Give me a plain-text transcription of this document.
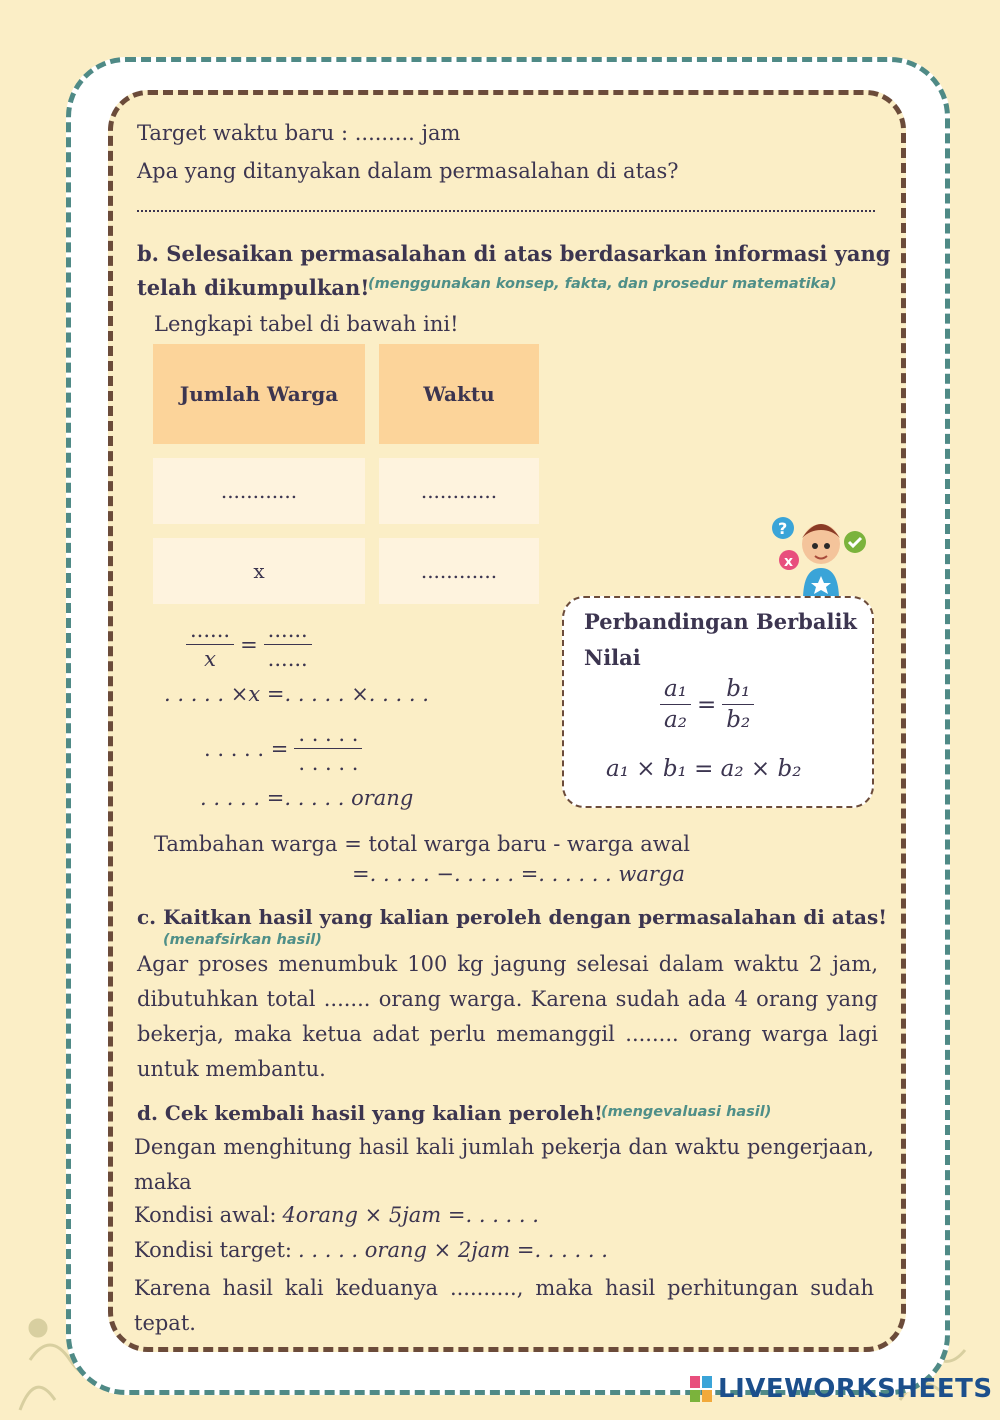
Target waktu baru : ......... jam
Apa yang ditanyakan dalam permasalahan di atas?
b. Selesaikan permasalahan di atas berdasarkan informasi yang
telah dikumpulkan!
(menggunakan konsep, fakta, dan prosedur matematika)
Lengkapi tabel di bawah ini!
Jumlah Warga	Waktu
............	............
x	............
$\frac{......}{x} = \frac{......}{......}$
. . . . . ×x =. . . . . ×. . . . .
. . . . . = $\frac{. . . . .}{. . . . .}$
. . . . . =. . . . . orang
?
x
Perbandingan Berbalik
Nilai
$\frac{\text{a₁}}{\text{a₂}} = \frac{\text{b₁}}{\text{b₂}}$
a₁ × b₁ = a₂ × b₂
Tambahan warga = total warga baru - warga awal
=. . . . . −. . . . . =. . . . . . warga
c. Kaitkan hasil yang kalian peroleh dengan permasalahan di atas!
(menafsirkan hasil)
Agar proses menumbuk 100 kg jagung selesai dalam waktu 2 jam, dibutuhkan total ....... orang warga. Karena sudah ada 4 orang yang bekerja, maka ketua adat perlu memanggil ........ orang warga lagi untuk membantu.
d. Cek kembali hasil yang kalian peroleh!
(mengevaluasi hasil)
Dengan menghitung hasil kali jumlah pekerja dan waktu pengerjaan, maka
Kondisi awal: 4orang × 5jam =. . . . . .
Kondisi target: . . . . . orang × 2jam =. . . . . .
Karena hasil kali keduanya .........., maka hasil perhitungan sudah tepat.
LIVEWORKSHEETS
